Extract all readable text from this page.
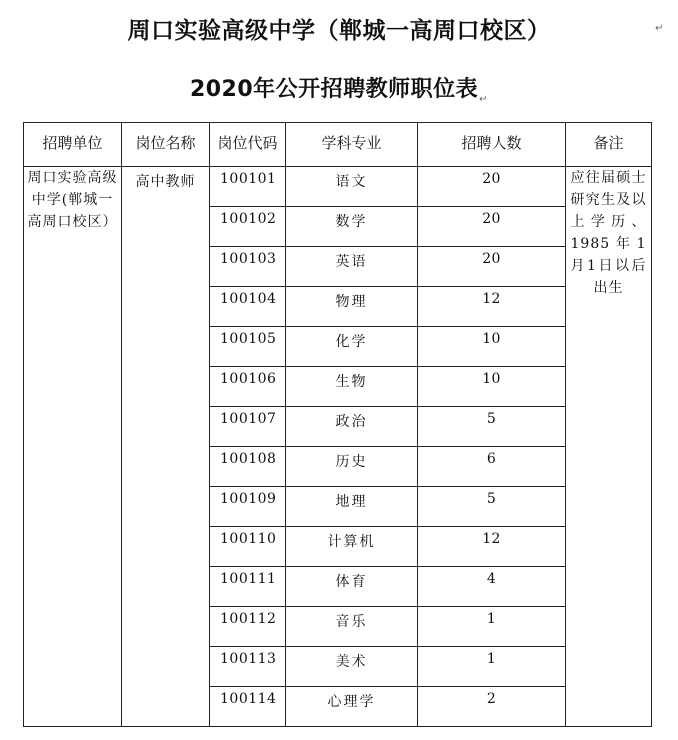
周口实验高级中学（郸城一高周口校区）	↵
2020年公开招聘教师职位表$_↵$
招聘单位	岗位名称	岗位代码	学科专业	招聘人数	备注

周口实验高级中学(郸城一高周口校区）	高中教师	100101	语文	20	应往届硕士研究生及以上学历、1985年1月1日以后出生

		100102	数学	20	

		100103	英语	20	

		100104	物理	12	

		100105	化学	10	

		100106	生物	10	

		100107	政治	5	

		100108	历史	6	

		100109	地理	5	

		100110	计算机	12	

		100111	体育	4	

		100112	音乐	1	

		100113	美术	1	

		100114	心理学	2	
